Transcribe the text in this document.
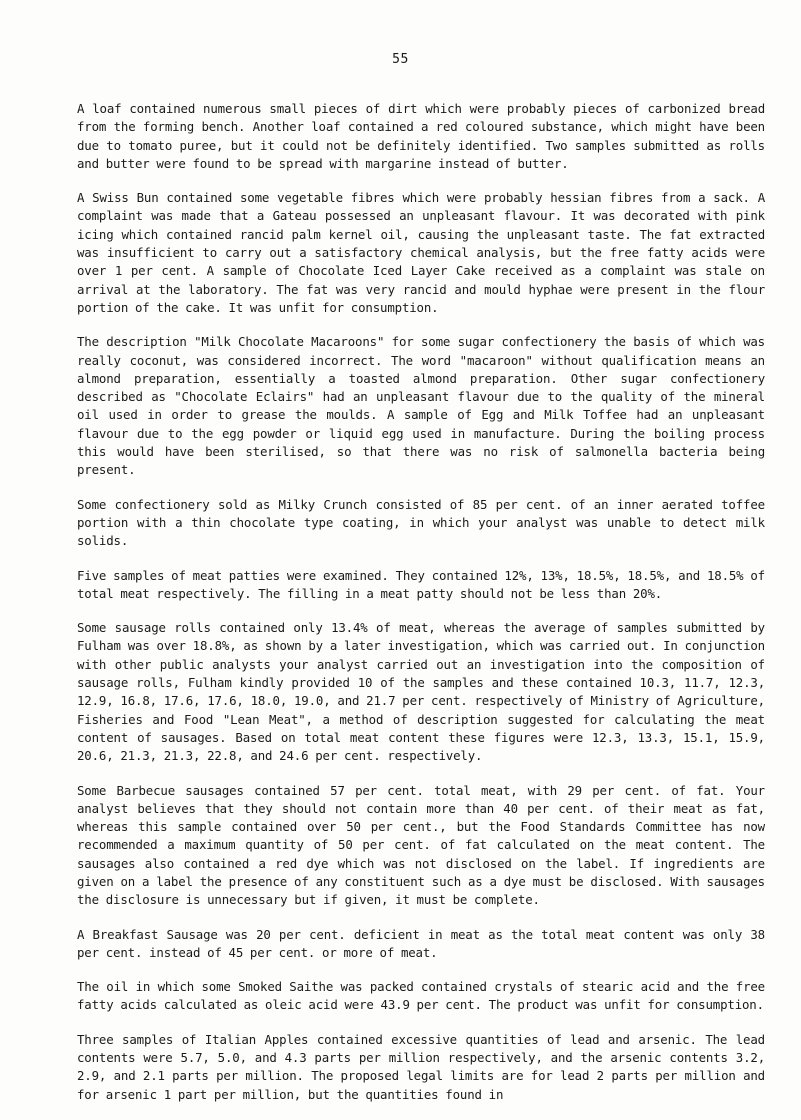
55

A loaf contained numerous small pieces of dirt which were probably pieces of carbonized bread from the forming bench. Another loaf contained a red coloured substance, which might have been due to tomato puree, but it could not be definitely identified. Two samples submitted as rolls and butter were found to be spread with margarine instead of butter.

A Swiss Bun contained some vegetable fibres which were probably hessian fibres from a sack. A complaint was made that a Gateau possessed an unpleasant flavour. It was decorated with pink icing which contained rancid palm kernel oil, causing the unpleasant taste. The fat extracted was insufficient to carry out a satisfactory chemical analysis, but the free fatty acids were over 1 per cent. A sample of Chocolate Iced Layer Cake received as a complaint was stale on arrival at the laboratory. The fat was very rancid and mould hyphae were present in the flour portion of the cake. It was unfit for consumption.

The description "Milk Chocolate Macaroons" for some sugar confectionery the basis of which was really coconut, was considered incorrect. The word "macaroon" without qualification means an almond preparation, essentially a toasted almond preparation. Other sugar confectionery described as "Chocolate Eclairs" had an unpleasant flavour due to the quality of the mineral oil used in order to grease the moulds. A sample of Egg and Milk Toffee had an unpleasant flavour due to the egg powder or liquid egg used in manufacture. During the boiling process this would have been sterilised, so that there was no risk of salmonella bacteria being present.

Some confectionery sold as Milky Crunch consisted of 85 per cent. of an inner aerated toffee portion with a thin chocolate type coating, in which your analyst was unable to detect milk solids.

Five samples of meat patties were examined. They contained 12%, 13%, 18.5%, 18.5%, and 18.5% of total meat respectively. The filling in a meat patty should not be less than 20%.

Some sausage rolls contained only 13.4% of meat, whereas the average of samples submitted by Fulham was over 18.8%, as shown by a later investigation, which was carried out. In conjunction with other public analysts your analyst carried out an investigation into the composition of sausage rolls, Fulham kindly provided 10 of the samples and these contained 10.3, 11.7, 12.3, 12.9, 16.8, 17.6, 17.6, 18.0, 19.0, and 21.7 per cent. respectively of Ministry of Agriculture, Fisheries and Food "Lean Meat", a method of description suggested for calculating the meat content of sausages. Based on total meat content these figures were 12.3, 13.3, 15.1, 15.9, 20.6, 21.3, 21.3, 22.8, and 24.6 per cent. respectively.

Some Barbecue sausages contained 57 per cent. total meat, with 29 per cent. of fat. Your analyst believes that they should not contain more than 40 per cent. of their meat as fat, whereas this sample contained over 50 per cent., but the Food Standards Committee has now recommended a maximum quantity of 50 per cent. of fat calculated on the meat content. The sausages also contained a red dye which was not disclosed on the label. If ingredients are given on a label the presence of any constituent such as a dye must be disclosed. With sausages the disclosure is unnecessary but if given, it must be complete.

A Breakfast Sausage was 20 per cent. deficient in meat as the total meat content was only 38 per cent. instead of 45 per cent. or more of meat.

The oil in which some Smoked Saithe was packed contained crystals of stearic acid and the free fatty acids calculated as oleic acid were 43.9 per cent. The product was unfit for consumption.

Three samples of Italian Apples contained excessive quantities of lead and arsenic. The lead contents were 5.7, 5.0, and 4.3 parts per million respectively, and the arsenic contents 3.2, 2.9, and 2.1 parts per million. The proposed legal limits are for lead 2 parts per million and for arsenic 1 part per million, but the quantities found in
